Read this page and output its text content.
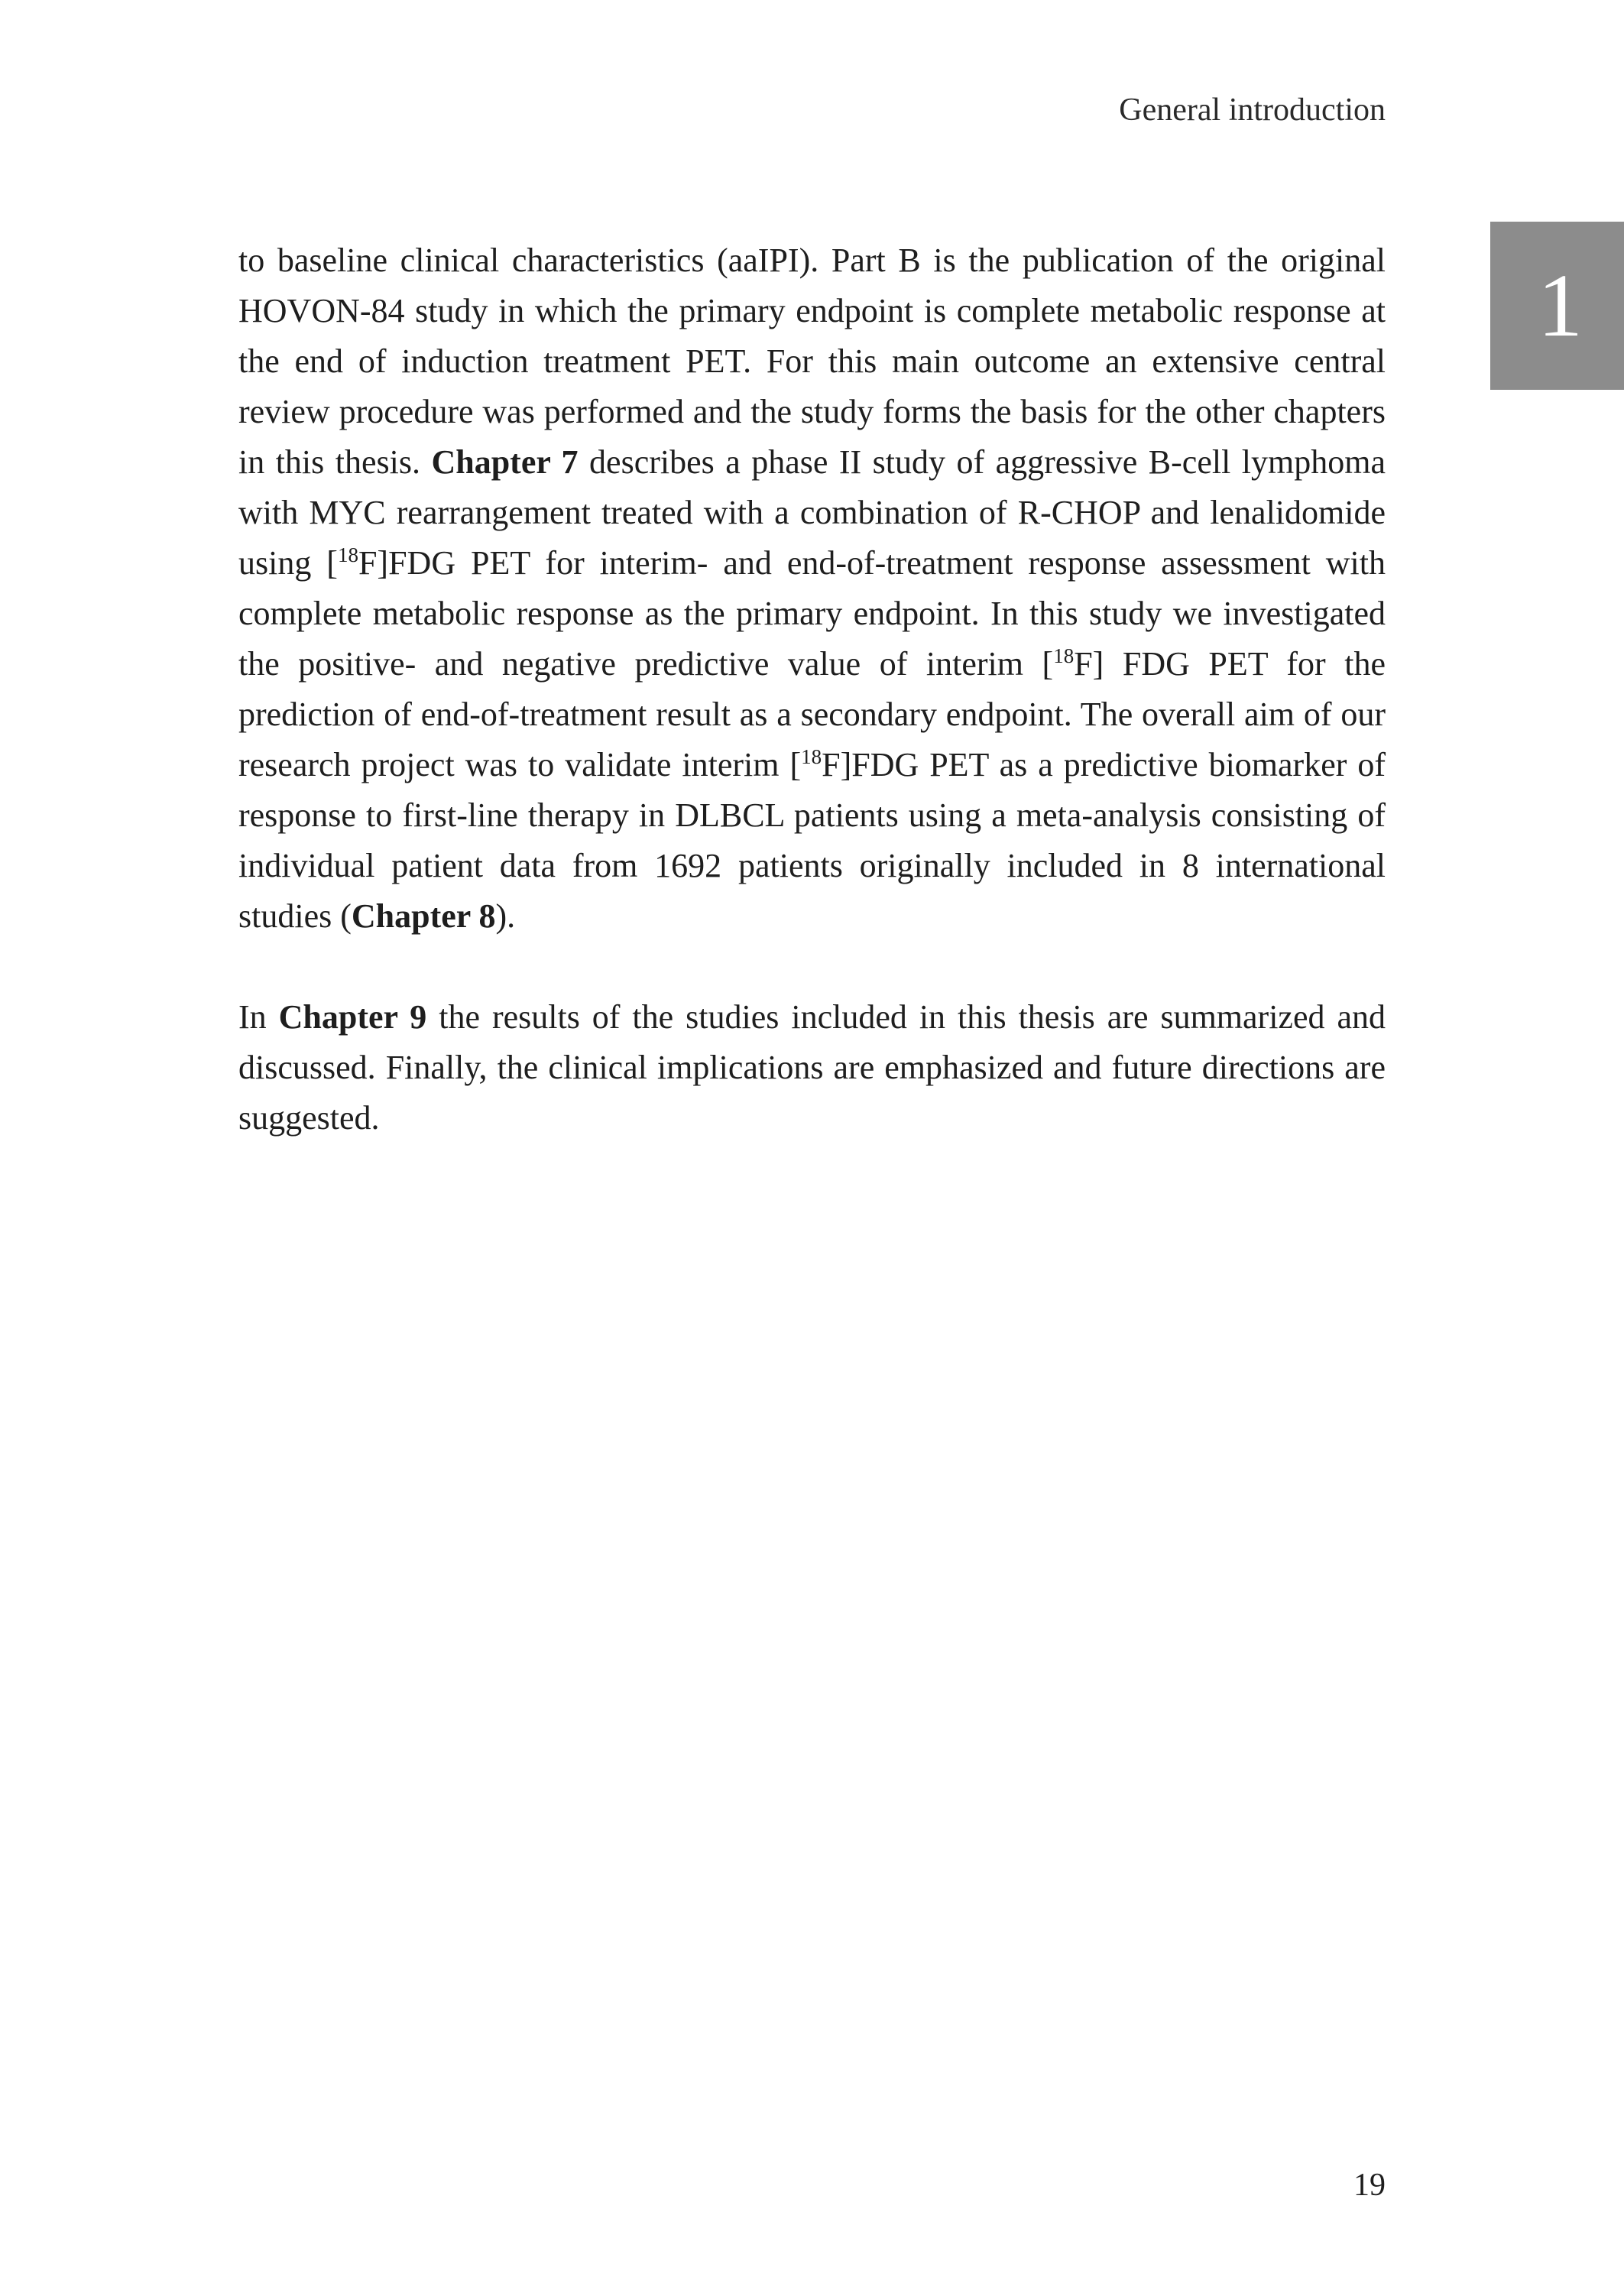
General introduction
1

to baseline clinical characteristics (aaIPI). Part B is the publication of the original HOVON-84 study in which the primary endpoint is complete metabolic response at the end of induction treatment PET. For this main outcome an extensive central review procedure was performed and the study forms the basis for the other chapters in this thesis. Chapter 7 describes a phase II study of aggressive B-cell lymphoma with MYC rearrangement treated with a combination of R-CHOP and lenalidomide using [$^{18}$F]FDG PET for interim- and end-of-treatment response assessment with complete metabolic response as the primary endpoint. In this study we investigated the positive- and negative predictive value of interim [$^{18}$F] FDG PET for the prediction of end-of-treatment result as a secondary endpoint. The overall aim of our research project was to validate interim [$^{18}$F]FDG PET as a predictive biomarker of response to first-line therapy in DLBCL patients using a meta-analysis consisting of individual patient data from 1692 patients originally included in 8 international studies (Chapter 8).

In Chapter 9 the results of the studies included in this thesis are summarized and discussed. Finally, the clinical implications are emphasized and future directions are suggested.

19
